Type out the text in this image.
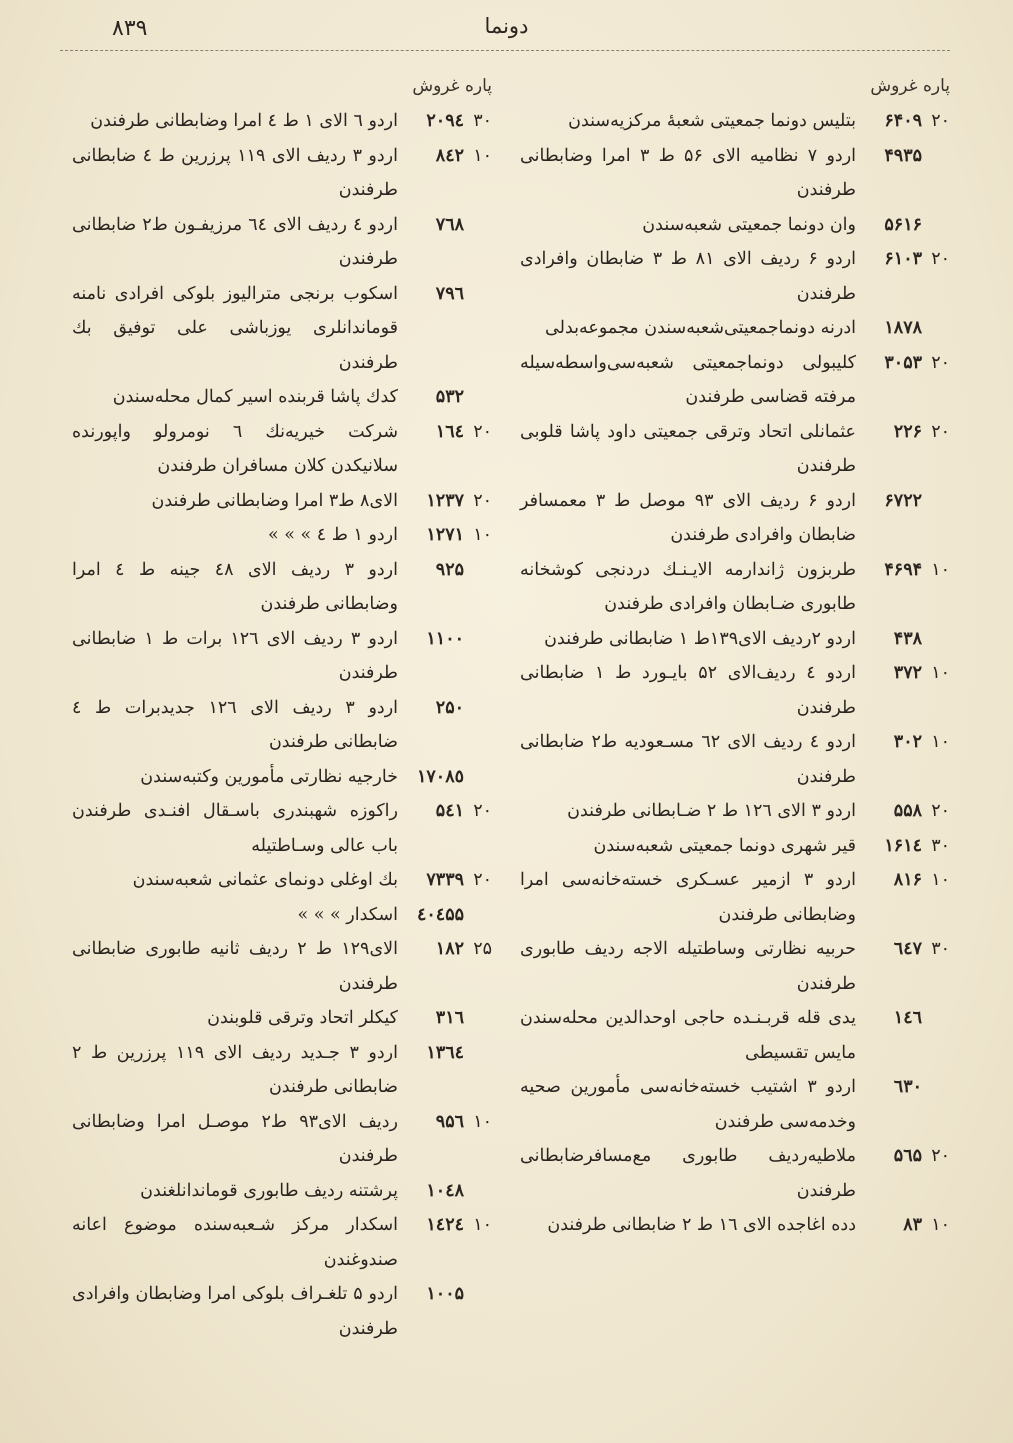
۸۳۹	دونما
پاره غروش
۲۰
۶۴۰۹
بتلیس دونما جمعیتی شعبهٔ مرکزیه‌سندن
۴۹۳۵
اردو ۷ نظامیه الای ۵۶ ط ۳ امرا وضابطانی طرفندن
۵۶۱۶
وان دونما جمعیتی شعبه‌سندن
۲۰
۶۱۰۳
اردو ۶ ردیف الای ۸۱ ط ۳ ضابطان وافرادی طرفندن
۱۸۷۸
ادرنه دونماجمعیتی‌شعبه‌سندن مجموعه‌بدلی
۲۰
۳۰۵۳
کلیبولی دونماجمعیتی شعبه‌سی‌واسطه‌سیله مرفته قضاسی طرفندن
۲۰
۲۲۶
عثمانلی اتحاد وترقی جمعیتی داود پاشا قلوبی طرفندن
۶۷۲۲
اردو ۶ ردیف الای ۹۳ موصل ط ۳ معمسافر ضابطان وافرادی طرفندن
۱۰
۴۶۹۴
طربزون ژاندارمه الایـنـك دردنجی کوشخانه طابوری ضـابطان وافرادی طرفندن
۴۳۸
اردو ۲ردیف الای۱۳۹ط ۱ ضابطانی طرفندن
۱۰
۳۷۲
اردو ٤ ردیف‌الای ۵۲ بایـورد ط ۱ ضابطانی طرفندن
۱۰
۳۰۲
اردو ٤ ردیف الای ٦۲ مسـعودیه ط۲ ضابطانی طرفندن
۲۰
۵۵۸
اردو ۳ الای ۱۲٦ ط ۲ ضـابطانی طرفندن
۳۰
۱۶۱٤
قیر شهری دونما جمعیتی شعبه‌سندن
۱۰
۸۱۶
اردو ۳ ازمیر عسـکری خسته‌خانه‌سی امرا وضابطانی طرفندن
۳۰
٦٤۷
حربیه نظارتی وساطتیله الاجه ردیف طابوری طرفندن
۱٤٦
یدی قله قربـنـده حاجی اوحدالدین محله‌سندن مایس تقسیطی
٦۳۰
اردو ۳ اشتیب خسته‌خانه‌سی مأمورین صحیه وخدمه‌سی طرفندن
۲۰
۵٦۵
ملاطیه‌ردیف طابوری مع‌مسافرضابطانی طرفندن
۱۰
۸۳
دده اغاجده الای ۱٦ ط ۲ ضابطانی طرفندن
پاره غروش
۳۰
۲۰۹٤
اردو ٦ الای ۱ ط ٤ امرا وضابطانی طرفندن
۱۰
۸٤۲
اردو ۳ ردیف الای ۱۱۹ پرزرین ط ٤ ضابطانی طرفندن
۷٦۸
اردو ٤ ردیف الای ٦٤ مرزیفـون ط۲ ضابطانی طرفندن
۷۹٦
اسکوب برنجی متراليوز بلوکی افرادی نامنه قوماندانلری یوزباشی علی توفیق بك طرفندن
۵۳۲
کدك پاشا قربنده اسیر کمال محله‌سندن
۲۰
۱٦٤
شرکت خیریه‌نك ٦ نومرولو واپورنده سلانیکدن کلان مسافران طرفندن
۲۰
۱۲۳۷
الای۸ ط۳ امرا وضابطانی طرفندن
۱۰
۱۲۷۱
اردو ۱ ط ٤ » » »
۹۲۵
اردو ۳ ردیف الای ٤۸ جینه ط ٤ امرا وضابطانی طرفندن
۱۱۰۰
اردو ۳ ردیف الای ۱۲٦ برات ط ۱ ضابطانی طرفندن
۲۵۰
اردو ۳ ردیف الای ۱۲٦ جدیدبرات ط ٤ ضابطانی طرفندن
۱۷۰۸٥
خارجیه نظارتی مأمورین وکتبه‌سندن
۲۰
۵٤۱
راکوزه شهبندری باسـقال افنـدی طرفندن باب عالی وسـاطتیله
۲۰
۷۳۳۹
بك اوغلی دونمای عثمانی شعبه‌سندن
٤۰٤۵۵
اسکدار » » »
۲۵
۱۸۲
الای۱۲۹ ط ۲ ردیف ثانیه طابوری ضابطانی طرفندن
۳۱٦
کیکلر اتحاد وترقی قلوبندن
۱۳٦٤
اردو ۳ جـدید ردیف الای ۱۱۹ پرزرین ط ۲ ضابطانی طرفندن
۱۰
۹۵٦
ردیف الای۹۳ ط۲ موصـل امرا وضابطانی طرفندن
۱۰٤۸
پرشتنه ردیف طابوری قوماندانلغندن
۱۰
۱٤۲٤
اسکدار مرکز شـعبه‌سنده موضوع اعانه صندوغندن
۱۰۰۵
اردو ۵ تلغـراف بلوکی امرا وضابطان وافرادی طرفندن
